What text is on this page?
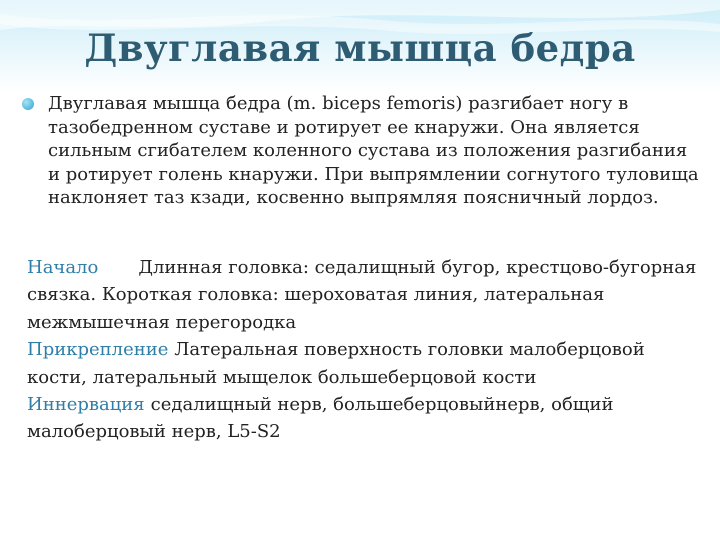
Двуглавая мышца бедра
Двуглавая мышца бедра (m. biceps femoris) разгибает ногу в тазобедренном суставе и ротирует ее кнаружи. Она является сильным сгибателем коленного сустава из положения разгибания и ротирует голень кнаружи. При выпрямлении согнутого туловища наклоняет таз кзади, косвенно выпрямляя поясничный лордоз.
Начало Длинная головка: седалищный бугор, крестцово-бугорная связка. Короткая головка: шероховатая линия, латеральная межмышечная перегородка
Прикрепление Латеральная поверхность головки малоберцовой кости, латеральный мыщелок большеберцовой кости
Иннервация седалищный нерв, большеберцовыйнерв, общий малоберцовый нерв, L5-S2
